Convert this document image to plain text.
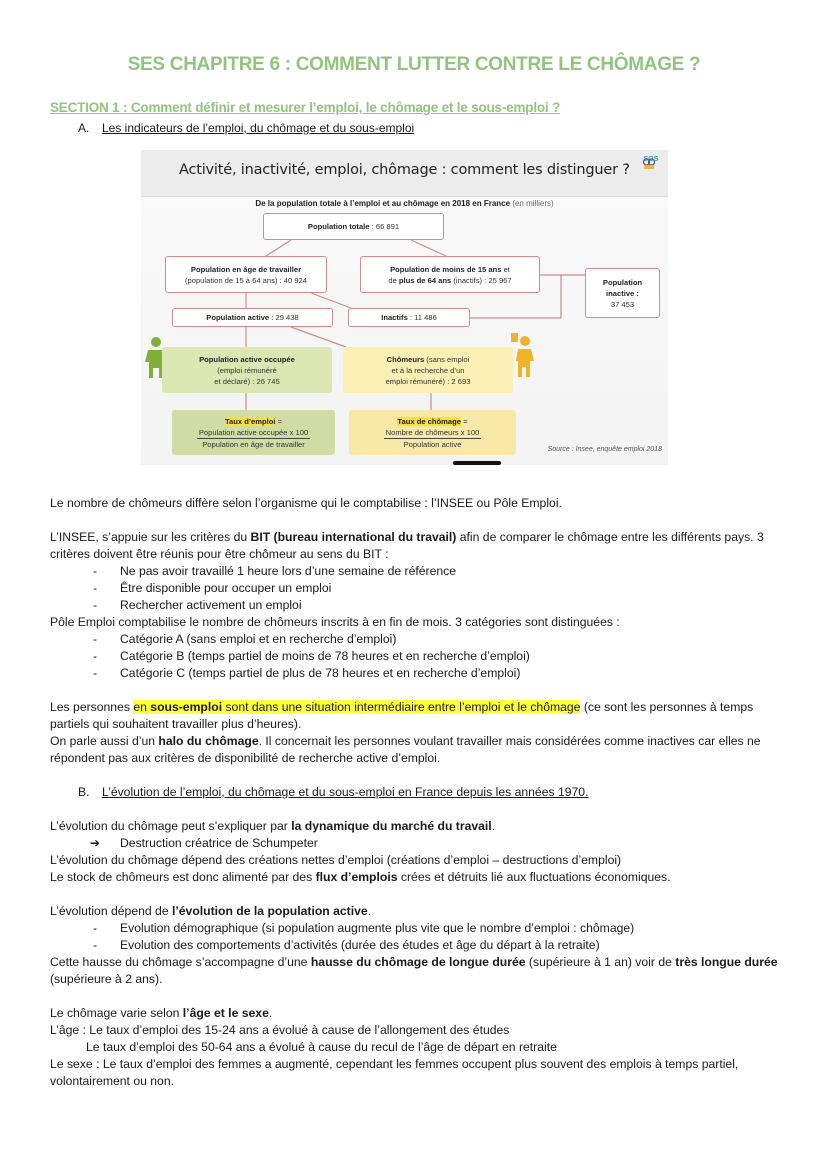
SES CHAPITRE 6 : COMMENT LUTTER CONTRE LE CHÔMAGE ?
SECTION 1 : Comment définir et mesurer l’emploi, le chômage et le sous-emploi ?
A. Les indicateurs de l’emploi, du chômage et du sous-emploi
Activité, inactivité, emploi, chômage : comment les distinguer ?
SOS
De la population totale à l’emploi et au chômage en 2018 en France (en milliers)
Population totale : 66 891
Population en âge de travailler
(population de 15 à 64 ans) : 40 924
Population de moins de 15 ans et
de plus de 64 ans (inactifs) : 25 967	Population
inactive :
37 453
Population active : 29 438	Inactifs : 11 486
Population active occupée
(emploi rémunéré
et déclaré) : 26 745
Chômeurs (sans emploi
et à la recherche d’un
emploi rémunéré) : 2 693
Taux d’emploi =
Population active occupée x 100
Population en âge de travailler
Taux de chômage =
Nombre de chômeurs x 100
Population active
Source : Insee, enquête emploi 2018
Le nombre de chômeurs diffère selon l’organisme qui le comptabilise : l’INSEE ou Pôle Emploi.
L’INSEE, s’appuie sur les critères du BIT (bureau international du travail) afin de comparer le chômage entre les différents pays. 3
critères doivent être réunis pour être chômeur au sens du BIT :
- Ne pas avoir travaillé 1 heure lors d’une semaine de référence
- Être disponible pour occuper un emploi
- Rechercher activement un emploi
Pôle Emploi comptabilise le nombre de chômeurs inscrits à en fin de mois. 3 catégories sont distinguées :
- Catégorie A (sans emploi et en recherche d’emploi)
- Catégorie B (temps partiel de moins de 78 heures et en recherche d’emploi)
- Catégorie C (temps partiel de plus de 78 heures et en recherche d’emploi)
Les personnes en sous-emploi sont dans une situation intermédiaire entre l’emploi et le chômage (ce sont les personnes à temps
partiels qui souhaitent travailler plus d’heures).
On parle aussi d’un halo du chômage. Il concernait les personnes voulant travailler mais considérées comme inactives car elles ne
répondent pas aux critères de disponibilité de recherche active d’emploi.
B. L’évolution de l’emploi, du chômage et du sous-emploi en France depuis les années 1970.
L’évolution du chômage peut s’expliquer par la dynamique du marché du travail.
➔ Destruction créatrice de Schumpeter
L’évolution du chômage dépend des créations nettes d’emploi (créations d’emploi – destructions d’emploi)
Le stock de chômeurs est donc alimenté par des flux d’emplois crées et détruits lié aux fluctuations économiques.
L’évolution dépend de l’évolution de la population active.
- Evolution démographique (si population augmente plus vite que le nombre d’emploi : chômage)
- Evolution des comportements d’activités (durée des études et âge du départ à la retraite)
Cette hausse du chômage s’accompagne d’une hausse du chômage de longue durée (supérieure à 1 an) voir de très longue durée
(supérieure à 2 ans).
Le chômage varie selon l’âge et le sexe.
L’âge : Le taux d’emploi des 15-24 ans a évolué à cause de l’allongement des études
Le taux d’emploi des 50-64 ans a évolué à cause du recul de l’âge de départ en retraite
Le sexe : Le taux d’emploi des femmes a augmenté, cependant les femmes occupent plus souvent des emplois à temps partiel,
volontairement ou non.
